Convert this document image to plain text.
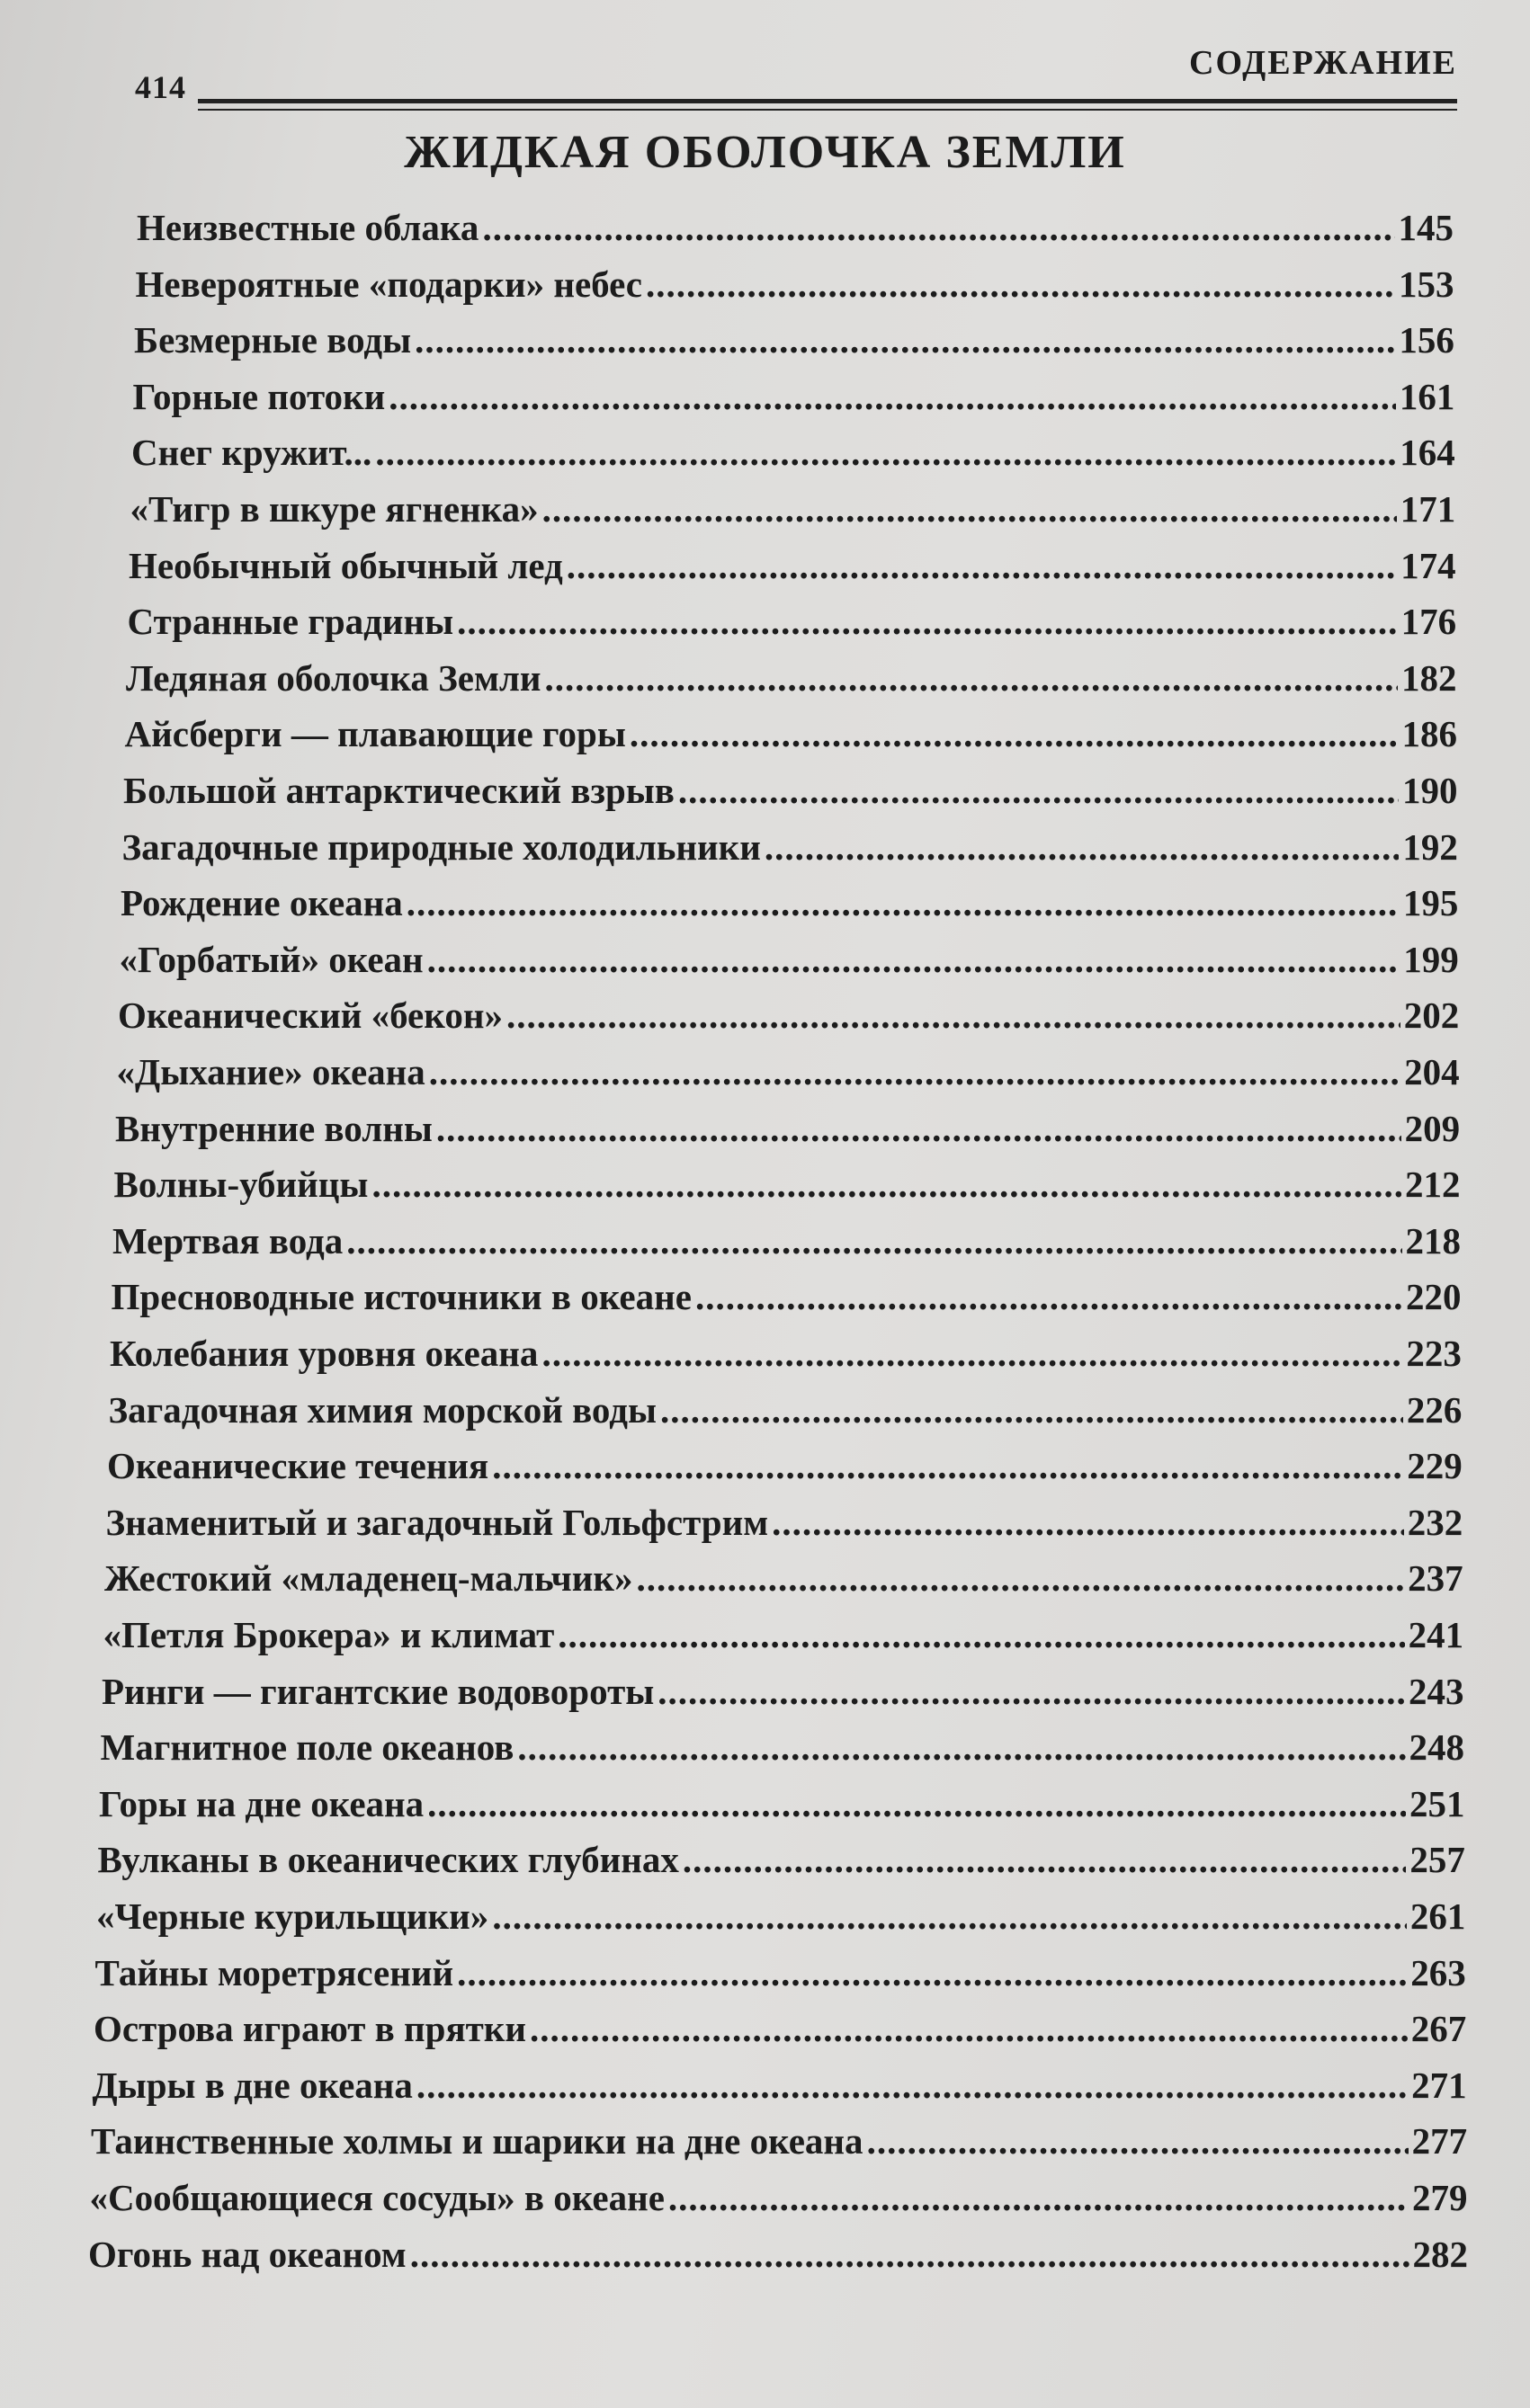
414
СОДЕРЖАНИЕ
ЖИДКАЯ ОБОЛОЧКА ЗЕМЛИ
Неизвестные облака .....	145
Невероятные «подарки» небес .....	153
Безмерные воды .....	156
Горные потоки .....	161
Снег кружит... .....	164
«Тигр в шкуре ягненка» .....	171
Необычный обычный лед .....	174
Странные градины .....	176
Ледяная оболочка Земли .....	182
Айсберги — плавающие горы .....	186
Большой антарктический взрыв .....	190
Загадочные природные холодильники .....	192
Рождение океана .....	195
«Горбатый» океан .....	199
Океанический «бекон» .....	202
«Дыхание» океана .....	204
Внутренние волны .....	209
Волны-убийцы .....	212
Мертвая вода .....	218
Пресноводные источники в океане .....	220
Колебания уровня океана .....	223
Загадочная химия морской воды .....	226
Океанические течения .....	229
Знаменитый и загадочный Гольфстрим .....	232
Жестокий «младенец-мальчик» .....	237
«Петля Брокера» и климат .....	241
Ринги — гигантские водовороты .....	243
Магнитное поле океанов .....	248
Горы на дне океана .....	251
Вулканы в океанических глубинах .....	257
«Черные курильщики» .....	261
Тайны моретрясений .....	263
Острова играют в прятки .....	267
Дыры в дне океана .....	271
Таинственные холмы и шарики на дне океана .....	277
«Сообщающиеся сосуды» в океане .....	279
Огонь над океаном .....	282
